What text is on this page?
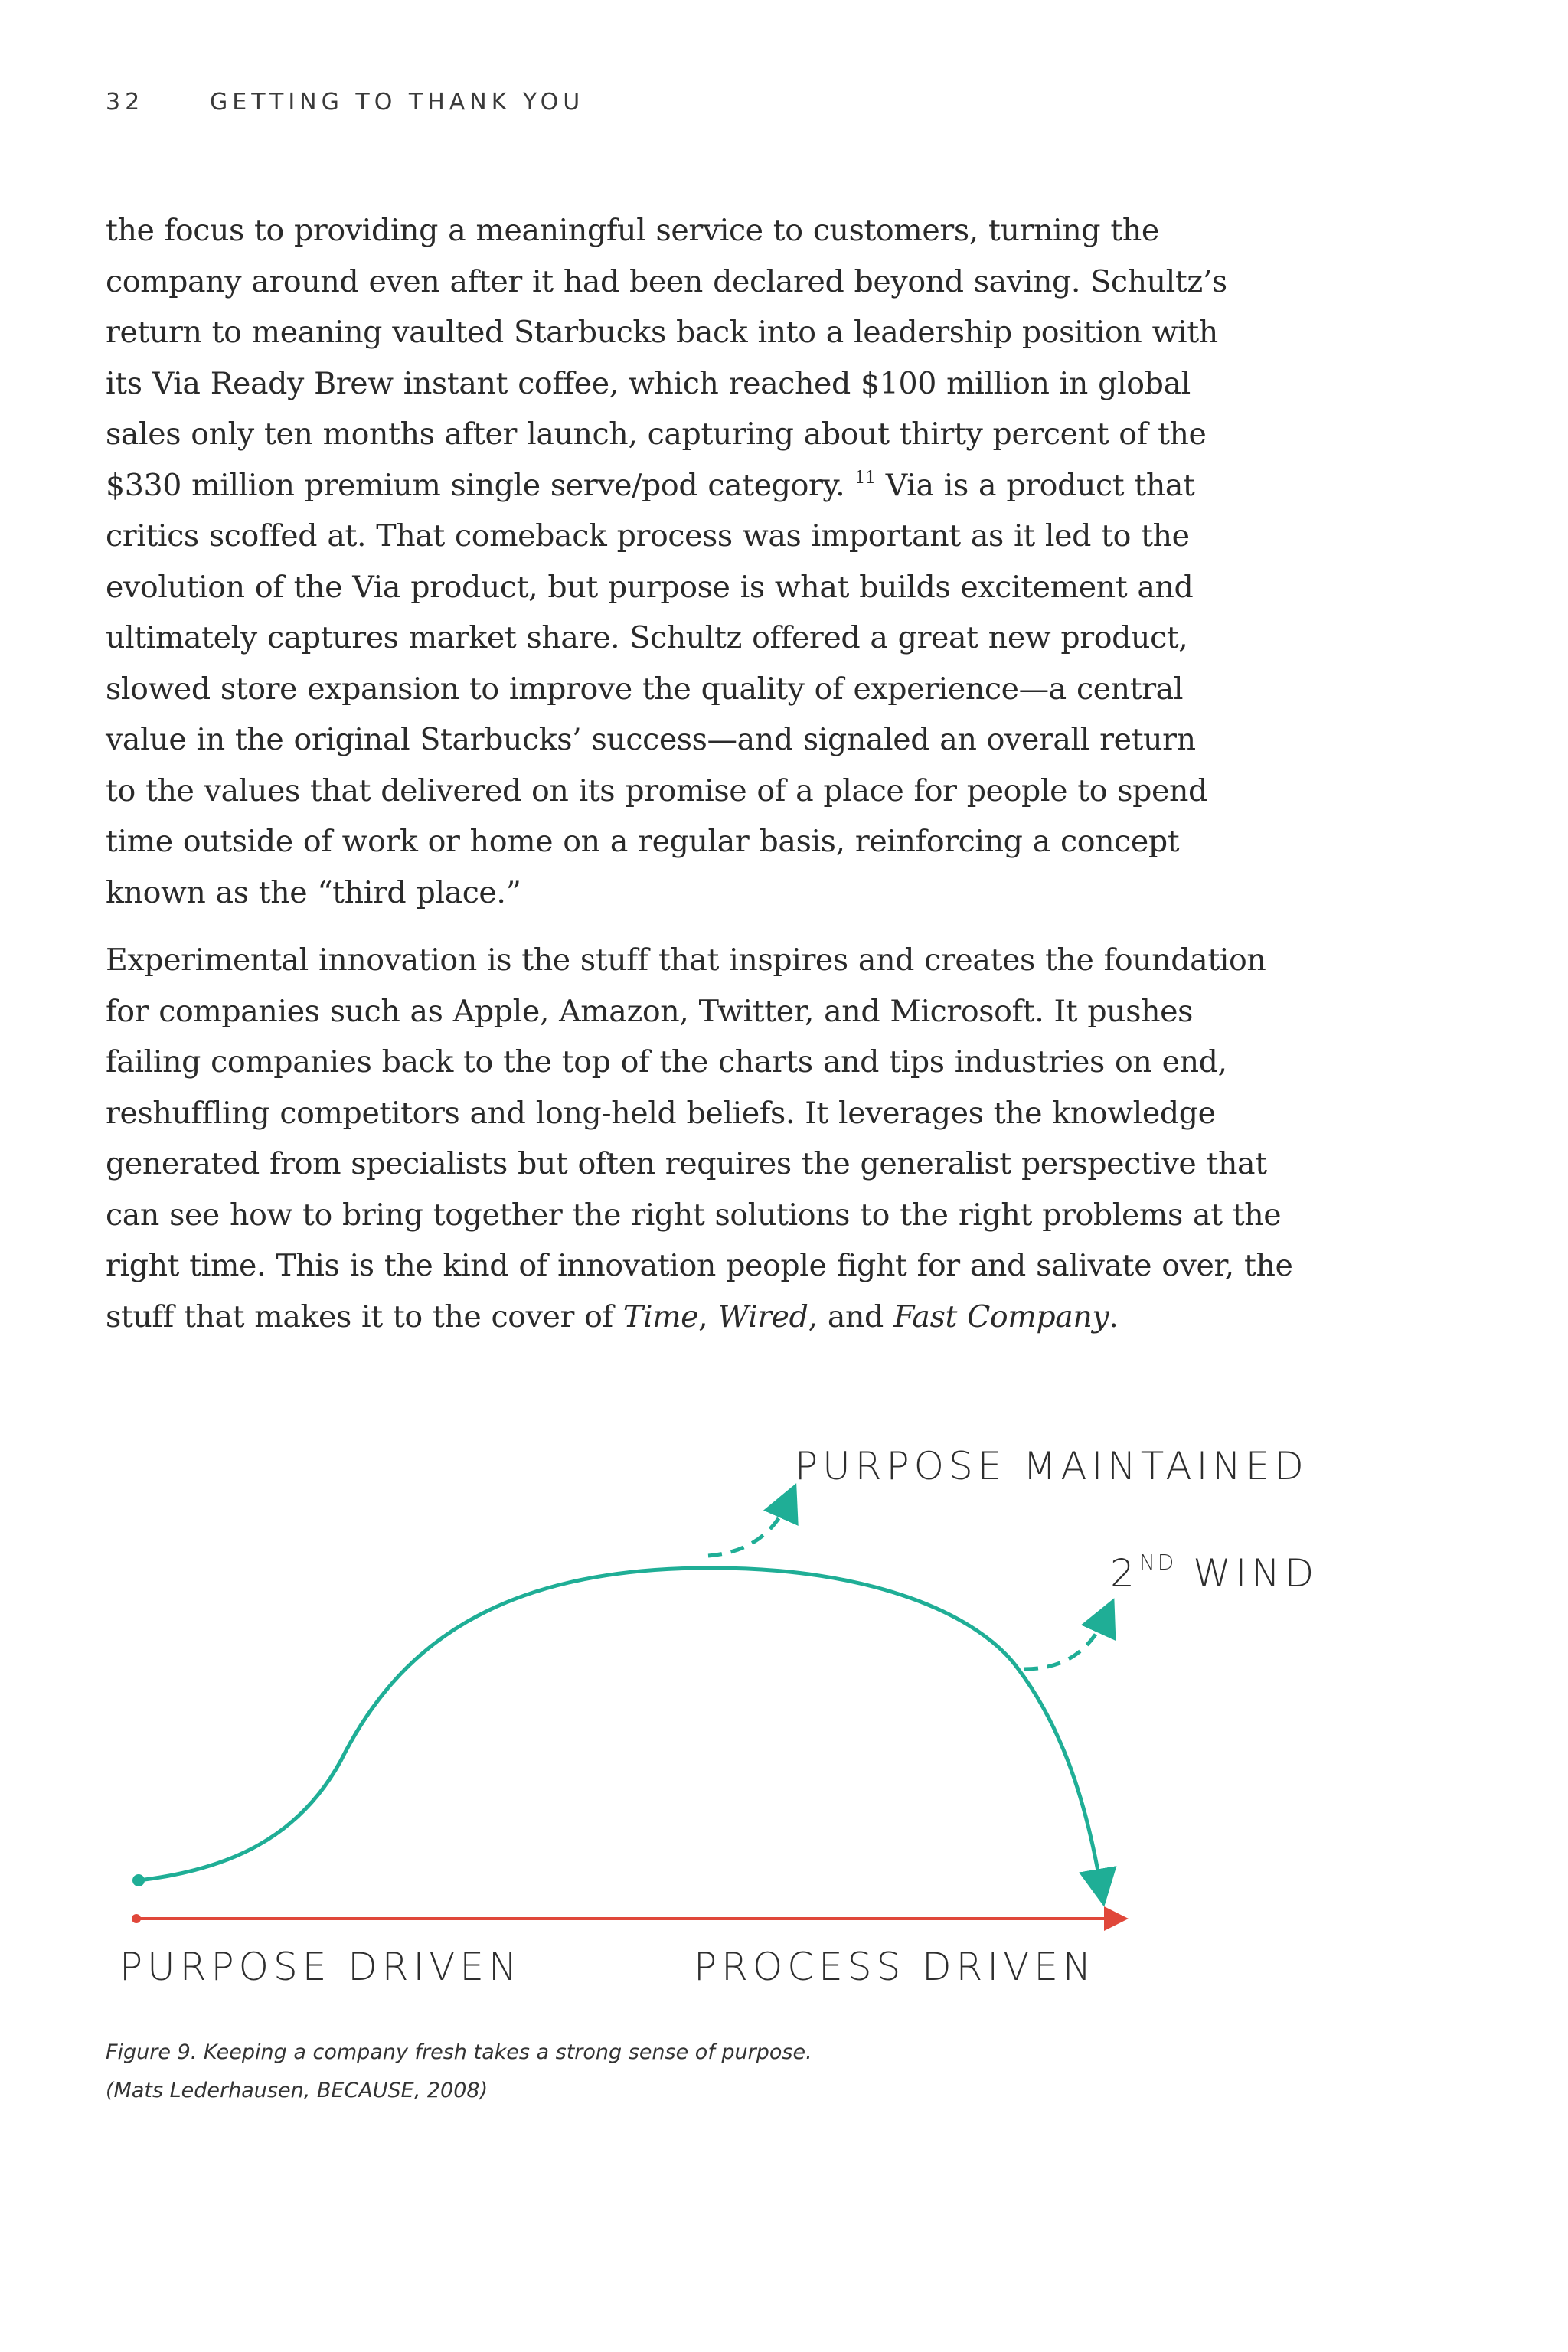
32	GETTING TO THANK YOU

the focus to providing a meaningful service to customers, turning the
company around even after it had been declared beyond saving. Schultz’s
return to meaning vaulted Starbucks back into a leadership position with
its Via Ready Brew instant coffee, which reached $100 million in global
sales only ten months after launch, capturing about thirty percent of the
$330 million premium single serve/pod category. $^{11}$ Via is a product that
critics scoffed at. That comeback process was important as it led to the
evolution of the Via product, but purpose is what builds excitement and
ultimately captures market share. Schultz offered a great new product,
slowed store expansion to improve the quality of experience—a central
value in the original Starbucks’ success—and signaled an overall return
to the values that delivered on its promise of a place for people to spend
time outside of work or home on a regular basis, reinforcing a concept
known as the “third place.”

Experimental innovation is the stuff that inspires and creates the foundation
for companies such as Apple, Amazon, Twitter, and Microsoft. It pushes
failing companies back to the top of the charts and tips industries on end,
reshuffling competitors and long-held beliefs. It leverages the knowledge
generated from specialists but often requires the generalist perspective that
can see how to bring together the right solutions to the right problems at the
right time. This is the kind of innovation people fight for and salivate over, the
stuff that makes it to the cover of Time, Wired, and Fast Company.

PURPOSE MAINTAINED
2ND WIND
PURPOSE DRIVEN	PROCESS DRIVEN
Figure 9. Keeping a company fresh takes a strong sense of purpose.
(Mats Lederhausen, BECAUSE, 2008)
